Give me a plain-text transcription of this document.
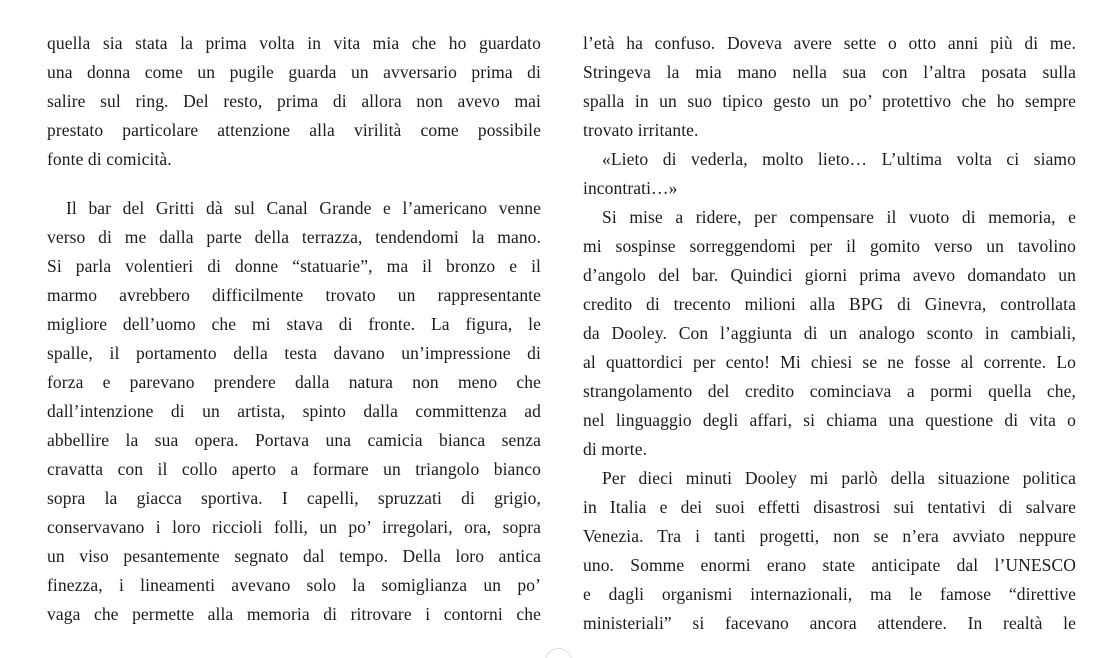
quella sia stata la prima volta in vita mia che ho guardato
una donna come un pugile guarda un avversario prima di
salire sul ring. Del resto, prima di allora non avevo mai
prestato particolare attenzione alla virilità come possibile
fonte di comicità.
Il bar del Gritti dà sul Canal Grande e l’americano venne
verso di me dalla parte della terrazza, tendendomi la mano.
Si parla volentieri di donne “statuarie”, ma il bronzo e il
marmo avrebbero difficilmente trovato un rappresentante
migliore dell’uomo che mi stava di fronte. La figura, le
spalle, il portamento della testa davano un’impressione di
forza e parevano prendere dalla natura non meno che
dall’intenzione di un artista, spinto dalla committenza ad
abbellire la sua opera. Portava una camicia bianca senza
cravatta con il collo aperto a formare un triangolo bianco
sopra la giacca sportiva. I capelli, spruzzati di grigio,
conservavano i loro riccioli folli, un po’ irregolari, ora, sopra
un viso pesantemente segnato dal tempo. Della loro antica
finezza, i lineamenti avevano solo la somiglianza un po’
vaga che permette alla memoria di ritrovare i contorni che
l’età ha confuso. Doveva avere sette o otto anni più di me.
Stringeva la mia mano nella sua con l’altra posata sulla
spalla in un suo tipico gesto un po’ protettivo che ho sempre
trovato irritante.
«Lieto di vederla, molto lieto… L’ultima volta ci siamo
incontrati…»
Si mise a ridere, per compensare il vuoto di memoria, e
mi sospinse sorreggendomi per il gomito verso un tavolino
d’angolo del bar. Quindici giorni prima avevo domandato un
credito di trecento milioni alla BPG di Ginevra, controllata
da Dooley. Con l’aggiunta di un analogo sconto in cambiali,
al quattordici per cento! Mi chiesi se ne fosse al corrente. Lo
strangolamento del credito cominciava a pormi quella che,
nel linguaggio degli affari, si chiama una questione di vita o
di morte.
Per dieci minuti Dooley mi parlò della situazione politica
in Italia e dei suoi effetti disastrosi sui tentativi di salvare
Venezia. Tra i tanti progetti, non se n’era avviato neppure
uno. Somme enormi erano state anticipate dal l’UNESCO
e dagli organismi internazionali, ma le famose “direttive
ministeriali” si facevano ancora attendere. In realtà le
